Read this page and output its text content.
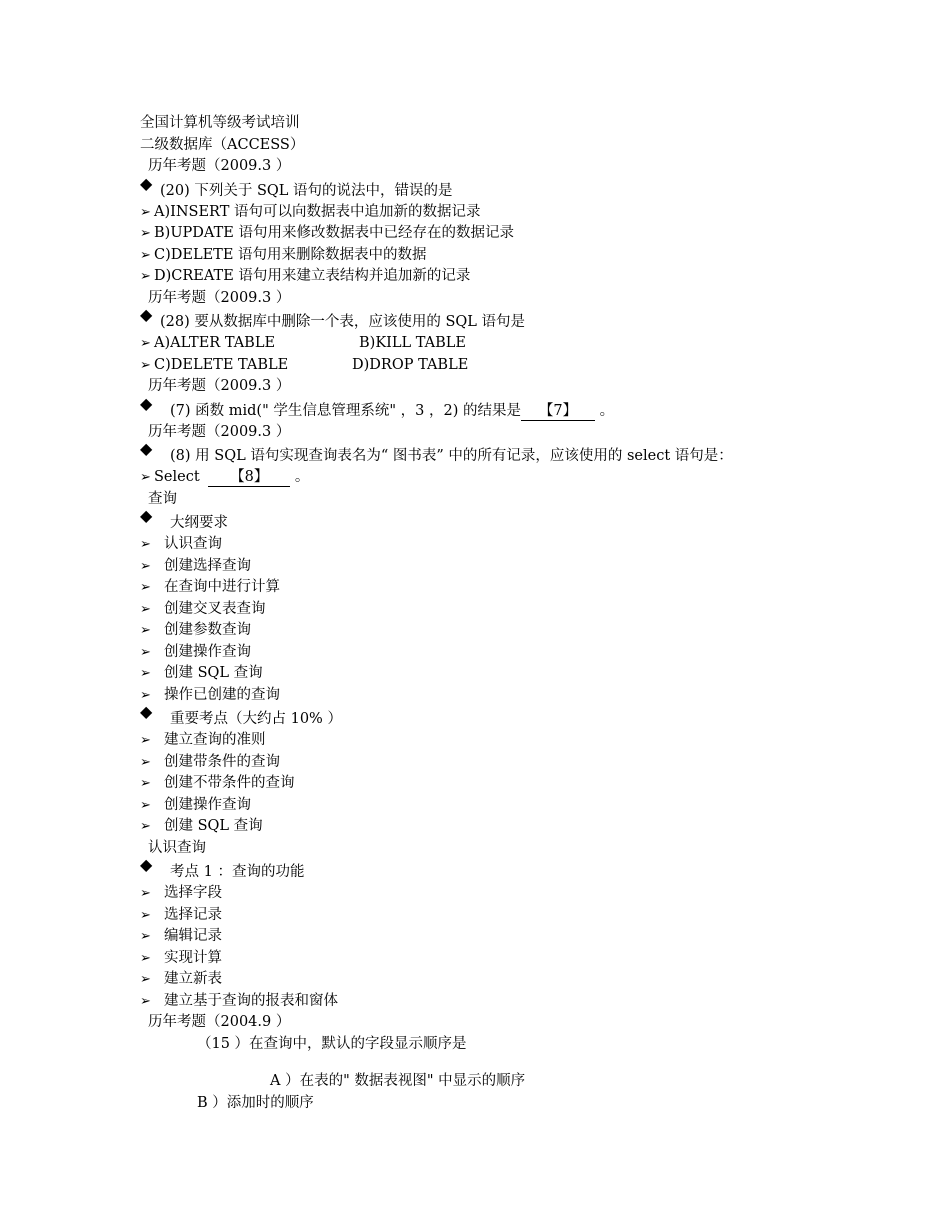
全国计算机等级考试培训
二级数据库（ACCESS）
历年考题（2009.3 ）
◆ (20) 下列关于 SQL 语句的说法中，错误的是
➢ A)INSERT 语句可以向数据表中追加新的数据记录
➢ B)UPDATE 语句用来修改数据表中已经存在的数据记录
➢ C)DELETE 语句用来删除数据表中的数据
➢ D)CREATE 语句用来建立表结构并追加新的记录
历年考题（2009.3 ）
◆ (28) 要从数据库中删除一个表，应该使用的 SQL 语句是
➢ A)ALTER TABLE	B)KILL TABLE
➢ C)DELETE TABLE	D)DROP TABLE
历年考题（2009.3 ）
◆ (7) 函数 mid(" 学生信息管理系统" ，3 ，2) 的结果是 【7】 。
历年考题（2009.3 ）
◆ (8) 用 SQL 语句实现查询表名为“ 图书表” 中的所有记录，应该使用的 select 语句是：
➢ Select 【8】 。
查询
◆ 大纲要求
➢ 认识查询
➢ 创建选择查询
➢ 在查询中进行计算
➢ 创建交叉表查询
➢ 创建参数查询
➢ 创建操作查询
➢ 创建 SQL 查询
➢ 操作已创建的查询
◆ 重要考点（大约占 10% ）
➢ 建立查询的准则
➢ 创建带条件的查询
➢ 创建不带条件的查询
➢ 创建操作查询
➢ 创建 SQL 查询
认识查询
◆ 考点 1 ：查询的功能
➢ 选择字段
➢ 选择记录
➢ 编辑记录
➢ 实现计算
➢ 建立新表
➢ 建立基于查询的报表和窗体
历年考题（2004.9 ）
（15 ）在查询中，默认的字段显示顺序是
A ）在表的" 数据表视图" 中显示的顺序
B ）添加时的顺序
